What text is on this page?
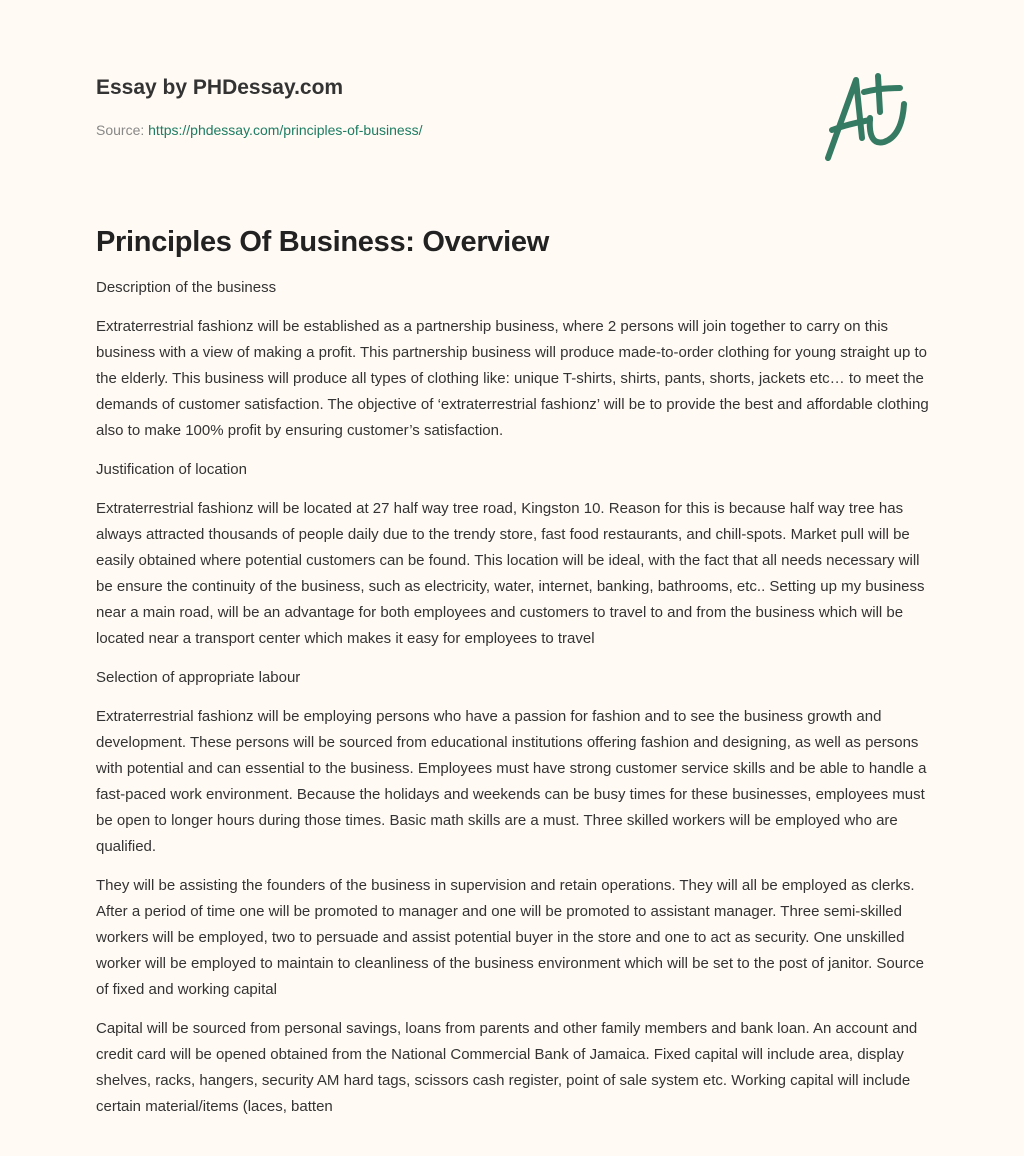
Essay by PHDessay.com
Source: https://phdessay.com/principles-of-business/
Principles Of Business: Overview

Description of the business

Extraterrestrial fashionz will be established as a partnership business, where 2 persons will join together to carry on this business with a view of making a profit. This partnership business will produce made-to-order clothing for young straight up to the elderly. This business will produce all types of clothing like: unique T-shirts, shirts, pants, shorts, jackets etc… to meet the demands of customer satisfaction. The objective of ‘extraterrestrial fashionz’ will be to provide the best and affordable clothing also to make 100% profit by ensuring customer’s satisfaction.

Justification of location

Extraterrestrial fashionz will be located at 27 half way tree road, Kingston 10. Reason for this is because half way tree has always attracted thousands of people daily due to the trendy store, fast food restaurants, and chill-spots. Market pull will be easily obtained where potential customers can be found. This location will be ideal, with the fact that all needs necessary will be ensure the continuity of the business, such as electricity, water, internet, banking, bathrooms, etc.. Setting up my business near a main road, will be an advantage for both employees and customers to travel to and from the business which will be located near a transport center which makes it easy for employees to travel

Selection of appropriate labour

Extraterrestrial fashionz will be employing persons who have a passion for fashion and to see the business growth and development. These persons will be sourced from educational institutions offering fashion and designing, as well as persons with potential and can essential to the business. Employees must have strong customer service skills and be able to handle a fast-paced work environment. Because the holidays and weekends can be busy times for these businesses, employees must be open to longer hours during those times. Basic math skills are a must. Three skilled workers will be employed who are qualified.

They will be assisting the founders of the business in supervision and retain operations. They will all be employed as clerks. After a period of time one will be promoted to manager and one will be promoted to assistant manager. Three semi-skilled workers will be employed, two to persuade and assist potential buyer in the store and one to act as security. One unskilled worker will be employed to maintain to cleanliness of the business environment which will be set to the post of janitor. Source of fixed and working capital

Capital will be sourced from personal savings, loans from parents and other family members and bank loan. An account and credit card will be opened obtained from the National Commercial Bank of Jamaica. Fixed capital will include area, display shelves, racks, hangers, security AM hard tags, scissors cash register, point of sale system etc. Working capital will include certain material/items (laces, batten
